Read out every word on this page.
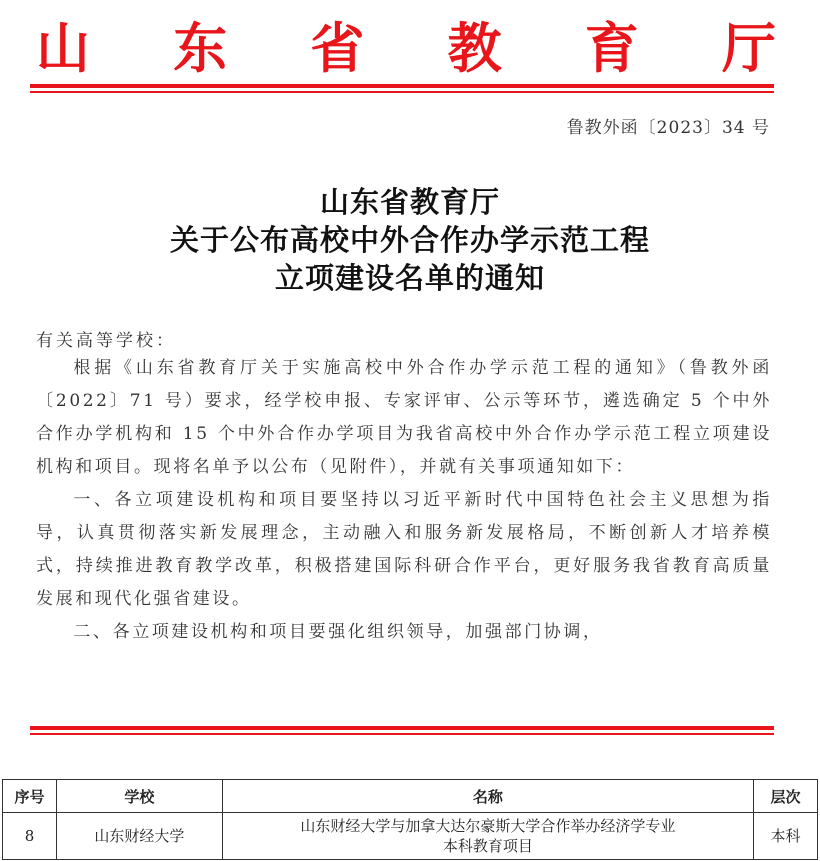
山 东 省 教 育 厅
鲁教外函〔2023〕34 号
山东省教育厅
关于公布高校中外合作办学示范工程
立项建设名单的通知
有关高等学校：

根据《山东省教育厅关于实施高校中外合作办学示范工程的通知》（鲁教外函〔2022〕71 号）要求，经学校申报、专家评审、公示等环节，遴选确定 5 个中外合作办学机构和 15 个中外合作办学项目为我省高校中外合作办学示范工程立项建设机构和项目。现将名单予以公布（见附件），并就有关事项通知如下：

一、各立项建设机构和项目要坚持以习近平新时代中国特色社会主义思想为指导，认真贯彻落实新发展理念，主动融入和服务新发展格局，不断创新人才培养模式，持续推进教育教学改革，积极搭建国际科研合作平台，更好服务我省教育高质量发展和现代化强省建设。

二、各立项建设机构和项目要强化组织领导，加强部门协调，

序号	学校	名称	层次
8	山东财经大学	山东财经大学与加拿大达尔豪斯大学合作举办经济学专业
本科教育项目	本科
